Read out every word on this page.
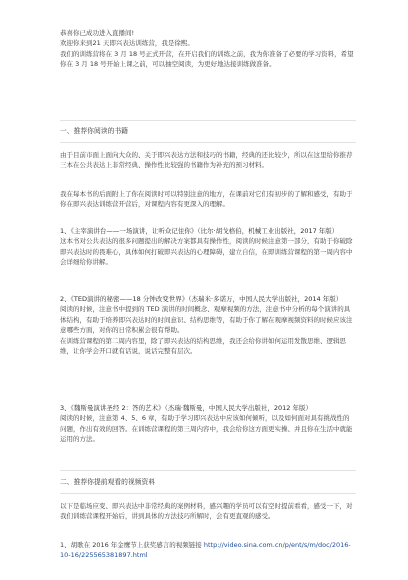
恭喜你已成功进入直播间!

欢迎你来到21 天即兴表达训练营，我是徐熙。

我们的训练营将在 3 月 18 号正式开营，在开启我们的训练之前，我为你准备了必要的学习资料，希望你在 3 月 18 号开始上课之前，可以抽空阅读，为更好地达接训练做准备。

一、推荐你阅读的书籍

由于目前市面上面向大众的、关于即兴表达方法和技巧的书籍，经典的还比较少，所以在这里给你推荐三本在公共表达上非常经典、操作性比较强的书籍作为补充的预习材料。

我在每本书的后面附上了你在阅读时可以特别注意的地方，在课前对它们有初步的了解和感受，有助于你在即兴表达训练营开营后，对课程内容有更深入的理解。

1、《主宰演讲台——一场演讲，让听众记住你》（比尔·胡戈格伯，机械工业出版社，2017 年版）

这本书对公共表达的很多问题提出的解决方案都具有操作性，阅读的时候注意第一部分，有助于你破除即兴表达时的畏难心，具体如何打破即兴表达的心理障碍，建立自信，在即训练营课程的第一周内容中会详细给你讲解。

2、《TED演讲的秘密——18 分钟改变世界》（杰瑞米·多诺万，中国人民大学出版社，2014 年版）

阅读的时候，注意书中提到的 TED 演讲的时间概念、观摩视频的方法，注意书中分析的每个演讲的具体结构，有助于培养即兴表达时的时间意识、结构思维等，有助于你了解在观摩视频资料的时候应该注意哪些方面，对你的日常积累会很有帮助。

在训练营课程的第二周内容里，除了即兴表达的结构思维，我还会给你讲如何运用发散思维、逻辑思维，让你学会开口就有话说，说话完整有层次。

3、《魏斯曼演讲圣经 2：答的艺术》（杰瑞·魏斯曼，中国人民大学出版社，2012 年版）

阅读的时候，注意第 4、5、6 章，有助于学习即兴表达中应该如何倾听，以及如何面对具有挑战性的问题，作出有效的回答。在训练营课程的第三周内容中，我会给你这方面更实操、并且你在生活中就能运用的方法。

二、推荐你提前观看的视频资料

以下是临场应变、即兴表达中非常经典的案例材料，感兴趣的学员可以有空时提前看看，感受一下，对我们训练营课程开始后，讲到具体的方法技巧所解时，会有更直观的感受。

1、胡歌在 2016 年金鹰节上获奖感言的视频链接 http://video.sina.com.cn/p/ent/s/m/doc/2016-10-16/225565381897.html
